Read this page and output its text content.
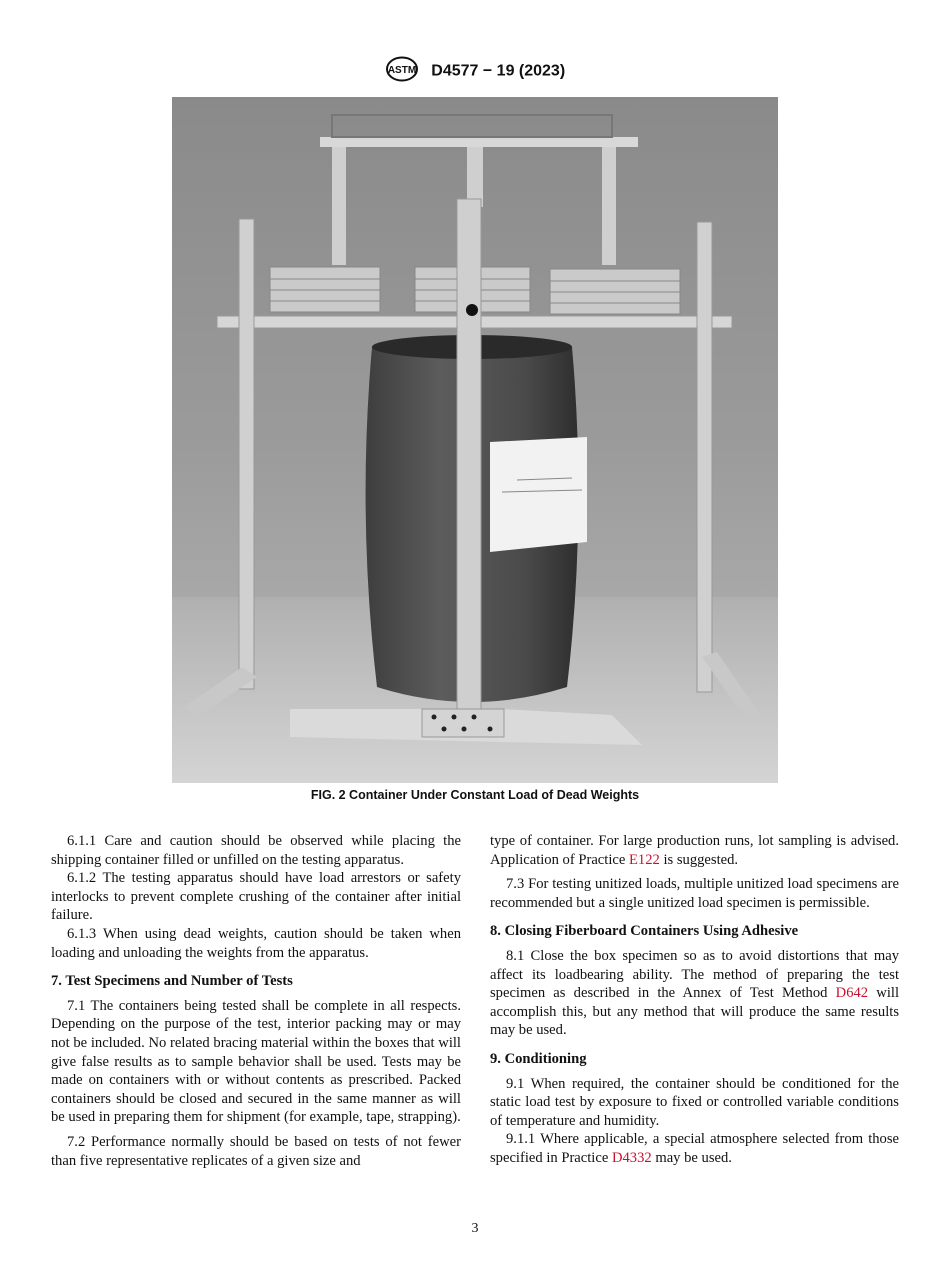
ASTM D4577 − 19 (2023)
FIG. 2 Container Under Constant Load of Dead Weights

6.1.1 Care and caution should be observed while placing the shipping container filled or unfilled on the testing apparatus.

6.1.2 The testing apparatus should have load arrestors or safety interlocks to prevent complete crushing of the container after initial failure.

6.1.3 When using dead weights, caution should be taken when loading and unloading the weights from the apparatus.

7. Test Specimens and Number of Tests

7.1 The containers being tested shall be complete in all respects. Depending on the purpose of the test, interior packing may or may not be included. No related bracing material within the boxes that will give false results as to sample behavior shall be used. Tests may be made on containers with or without contents as prescribed. Packed containers should be closed and secured in the same manner as will be used in preparing them for shipment (for example, tape, strapping).

7.2 Performance normally should be based on tests of not fewer than five representative replicates of a given size and

type of container. For large production runs, lot sampling is advised. Application of Practice E122 is suggested.

7.3 For testing unitized loads, multiple unitized load specimens are recommended but a single unitized load specimen is permissible.

8. Closing Fiberboard Containers Using Adhesive

8.1 Close the box specimen so as to avoid distortions that may affect its loadbearing ability. The method of preparing the test specimen as described in the Annex of Test Method D642 will accomplish this, but any method that will produce the same results may be used.

9. Conditioning

9.1 When required, the container should be conditioned for the static load test by exposure to fixed or controlled variable conditions of temperature and humidity.

9.1.1 Where applicable, a special atmosphere selected from those specified in Practice D4332 may be used.

3
